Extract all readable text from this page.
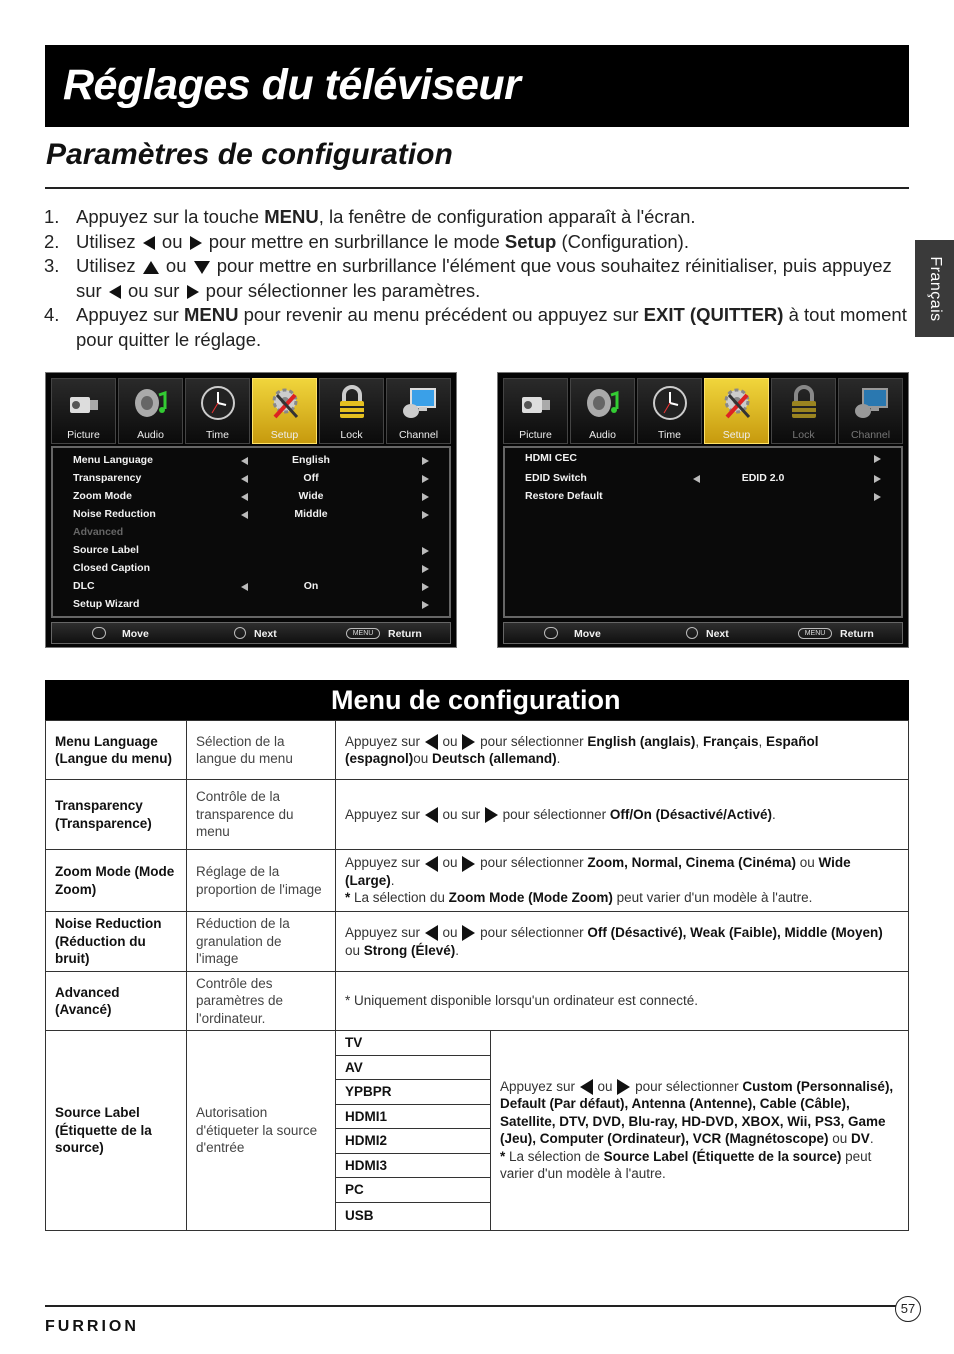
Réglages du téléviseur
Paramètres de configuration
Français
1. Appuyez sur la touche MENU, la fenêtre de configuration apparaît à l'écran.
2. Utilisez  ou  pour mettre en surbrillance le mode Setup (Configuration).
3. Utilisez  ou  pour mettre en surbrillance l'élément que vous souhaitez réinitialiser, puis appuyez sur  ou sur  pour sélectionner les paramètres.
4. Appuyez sur MENU pour revenir au menu précédent ou appuyez sur EXIT (QUITTER) à tout moment pour quitter le réglage.
Picture	Audio	Time	Setup	Lock	Channel
Menu Language	English
Transparency	Off
Zoom Mode	Wide
Noise Reduction	Middle
Advanced
Source Label
Closed Caption
DLC	On
Setup Wizard
Move	Next	MENU	Return
Picture	Audio	Time	Setup	Lock	Channel
HDMI CEC
EDID Switch	EDID 2.0
Restore Default
Move	Next	MENU	Return
Menu de configuration
Menu Language (Langue du menu)	Sélection de la langue du menu	Appuyez sur  ou  pour sélectionner English (anglais), Français, Español (espagnol)ou Deutsch (allemand).	
Transparency (Transparence)	Contrôle de la transparence du menu	Appuyez sur  ou sur  pour sélectionner Off/On (Désactivé/Activé).	
Zoom Mode (Mode Zoom)	Réglage de la proportion de l'image	Appuyez sur  ou  pour sélectionner Zoom, Normal, Cinema (Cinéma) ou Wide (Large).
* La sélection du Zoom Mode (Mode Zoom) peut varier d'un modèle à l'autre.	
Noise Reduction (Réduction du bruit)	Réduction de la granulation de l'image	Appuyez sur  ou  pour sélectionner Off (Désactivé), Weak (Faible), Middle (Moyen) ou Strong (Élevé).	
Advanced (Avancé)	Contrôle des paramètres de l'ordinateur.	* Uniquement disponible lorsqu'un ordinateur est connecté.	
Source Label (Étiquette de la source)	Autorisation d'étiqueter la source d'entrée	TV	Appuyez sur  ou  pour sélectionner Custom (Personnalisé), Default (Par défaut), Antenna (Antenne), Cable (Câble), Satellite, DTV, DVD, Blu-ray, HD-DVD, XBOX, Wii, PS3, Game (Jeu), Computer (Ordinateur), VCR (Magnétoscope) ou DV.
* La sélection de Source Label (Étiquette de la source) peut varier d'un modèle à l'autre.
		AV	
		YPBPR	
		HDMI1	
		HDMI2	
		HDMI3	
		PC	
		USB	
FURRION
57
